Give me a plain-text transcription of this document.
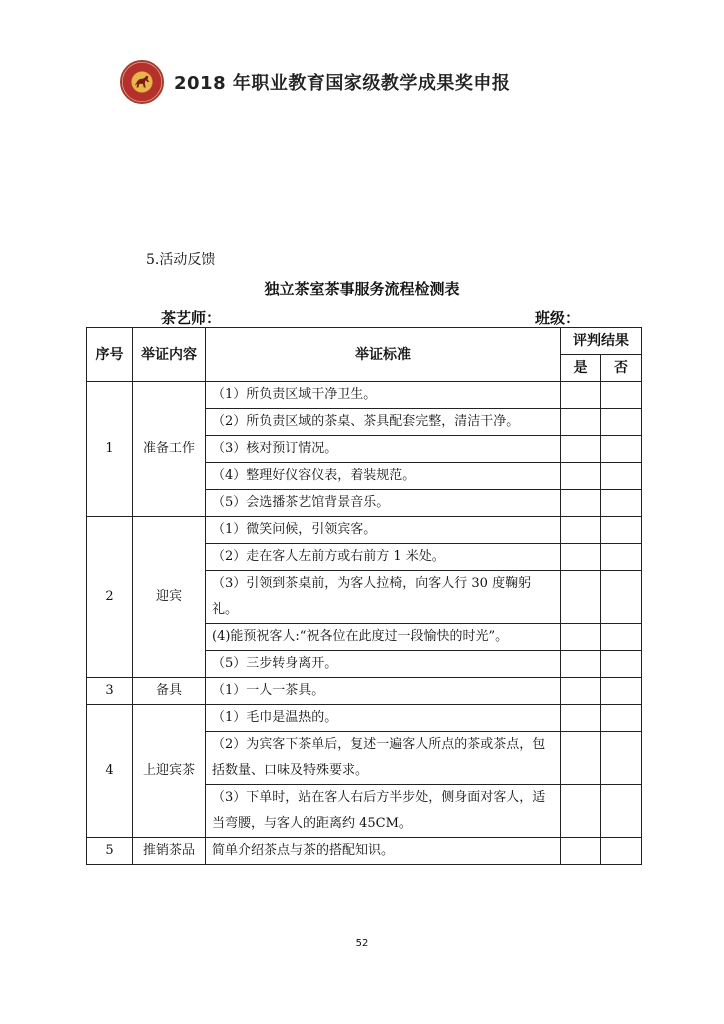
2018 年职业教育国家级教学成果奖申报
5.活动反馈
独立茶室茶事服务流程检测表
茶艺师：	班级：
序号	举证内容	举证标准	评判结果	
			是	否
1	准备工作	（1）所负责区域干净卫生。		
		（2）所负责区域的茶桌、茶具配套完整，清洁干净。		
		（3）核对预订情况。		
		（4）整理好仪容仪表，着装规范。		
		（5）会选播茶艺馆背景音乐。		
2	迎宾	（1）微笑问候，引领宾客。		
		（2）走在客人左前方或右前方 1 米处。		
		（3）引领到茶桌前，为客人拉椅，向客人行 30 度鞠躬礼。		
		(4)能预祝客人:“祝各位在此度过一段愉快的时光”。		
		（5）三步转身离开。		
3	备具	（1）一人一茶具。		
4	上迎宾茶	（1）毛巾是温热的。		
		（2）为宾客下茶单后，复述一遍客人所点的茶或茶点，包括数量、口味及特殊要求。		
		（3）下单时，站在客人右后方半步处，侧身面对客人，适当弯腰，与客人的距离约 45CM。		
5	推销茶品	简单介绍茶点与茶的搭配知识。		
52
